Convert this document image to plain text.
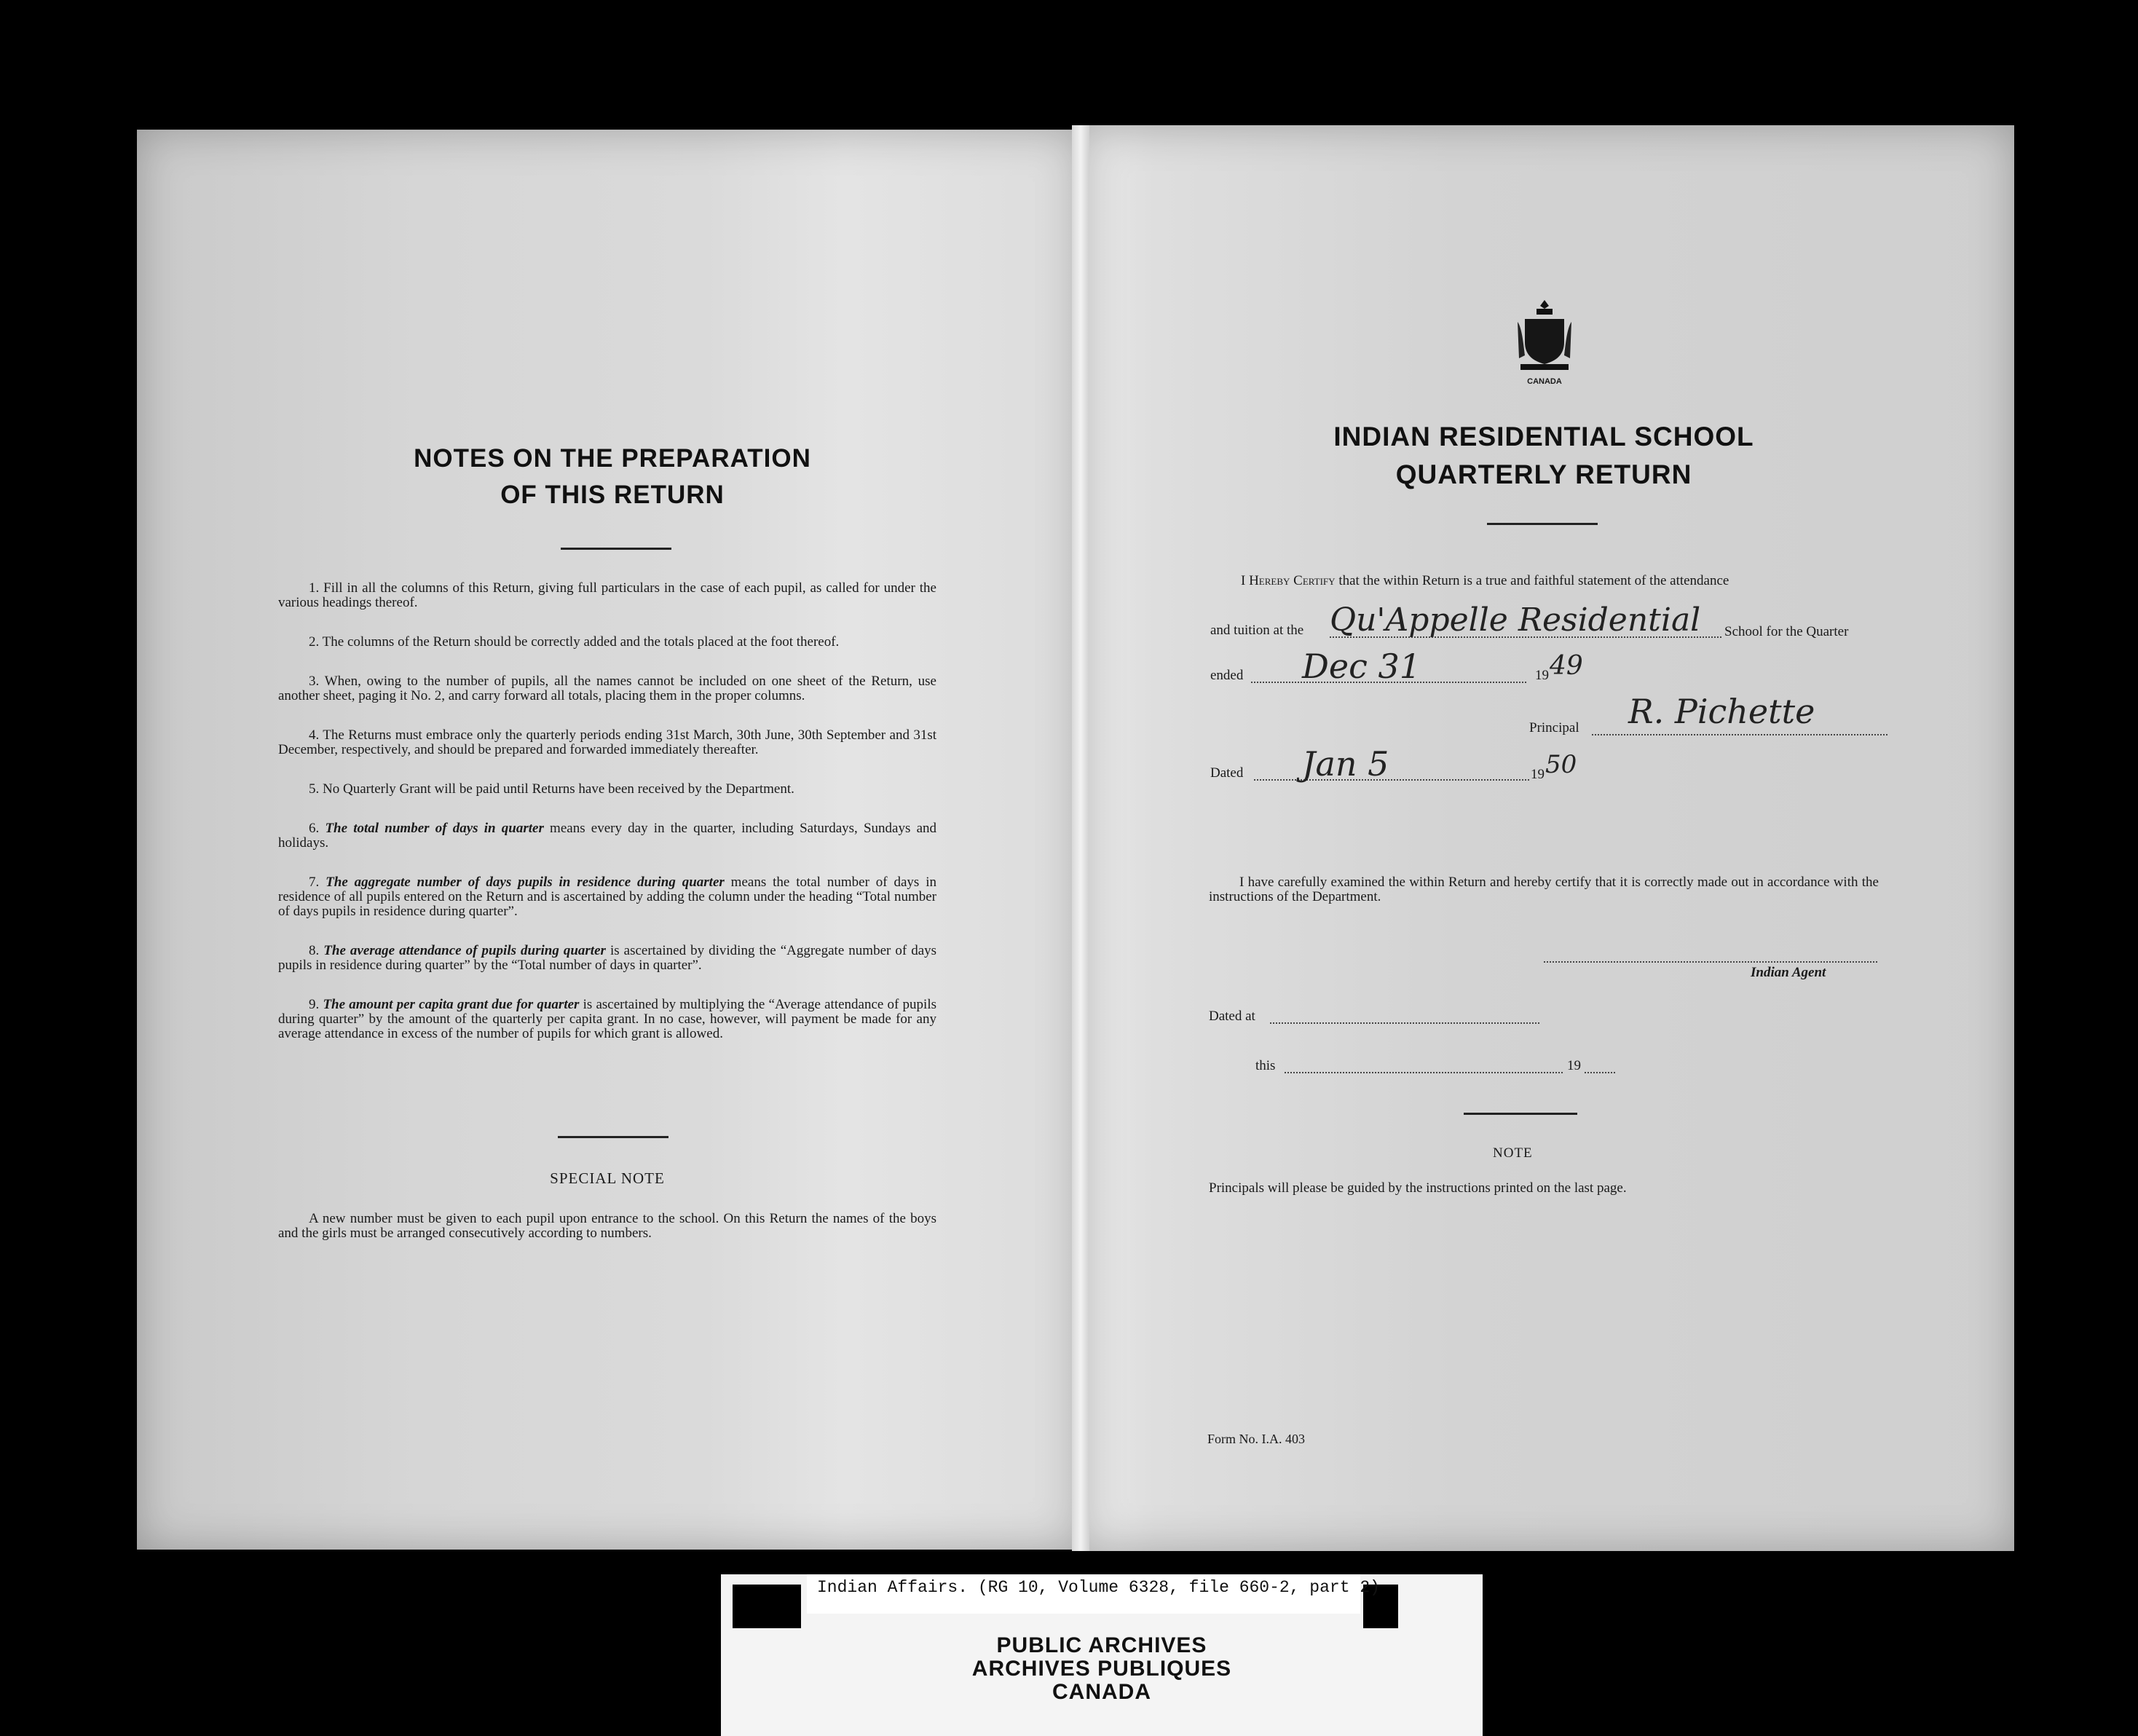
NOTES ON THE PREPARATION
OF THIS RETURN

1. Fill in all the columns of this Return, giving full particulars in the case of each pupil, as called for under the various headings thereof.

2. The columns of the Return should be correctly added and the totals placed at the foot thereof.

3. When, owing to the number of pupils, all the names cannot be included on one sheet of the Return, use another sheet, paging it No. 2, and carry forward all totals, placing them in the proper columns.

4. The Returns must embrace only the quarterly periods ending 31st March, 30th June, 30th September and 31st December, respectively, and should be prepared and forwarded immediately thereafter.

5. No Quarterly Grant will be paid until Returns have been received by the Department.

6. The total number of days in quarter means every day in the quarter, including Saturdays, Sundays and holidays.

7. The aggregate number of days pupils in residence during quarter means the total number of days in residence of all pupils entered on the Return and is ascertained by adding the column under the heading “Total number of days pupils in residence during quarter”.

8. The average attendance of pupils during quarter is ascertained by dividing the “Aggregate number of days pupils in residence during quarter” by the “Total number of days in quarter”.

9. The amount per capita grant due for quarter is ascertained by multiplying the “Average attendance of pupils during quarter” by the amount of the quarterly per capita grant. In no case, however, will payment be made for any average attendance in excess of the number of pupils for which grant is allowed.

SPECIAL NOTE
A new number must be given to each pupil upon entrance to the school. On this Return the names of the boys and the girls must be arranged consecutively according to numbers.
CANADA
INDIAN RESIDENTIAL SCHOOL
QUARTERLY RETURN
I Hereby Certify that the within Return is a true and faithful statement of the attendance
and tuition at the Qu'Appelle Residential School for the Quarter
ended Dec 31	19 49
Principal R. Pichette
Dated Jan 5	19 50
I have carefully examined the within Return and hereby certify that it is correctly made out in accordance with the instructions of the Department.
Indian Agent
Dated at
this	19
NOTE
Principals will please be guided by the instructions printed on the last page.
Form No. I.A. 403
Indian Affairs. (RG 10, Volume 6328, file 660-2, part 2)
PUBLIC ARCHIVES
ARCHIVES PUBLIQUES
CANADA
